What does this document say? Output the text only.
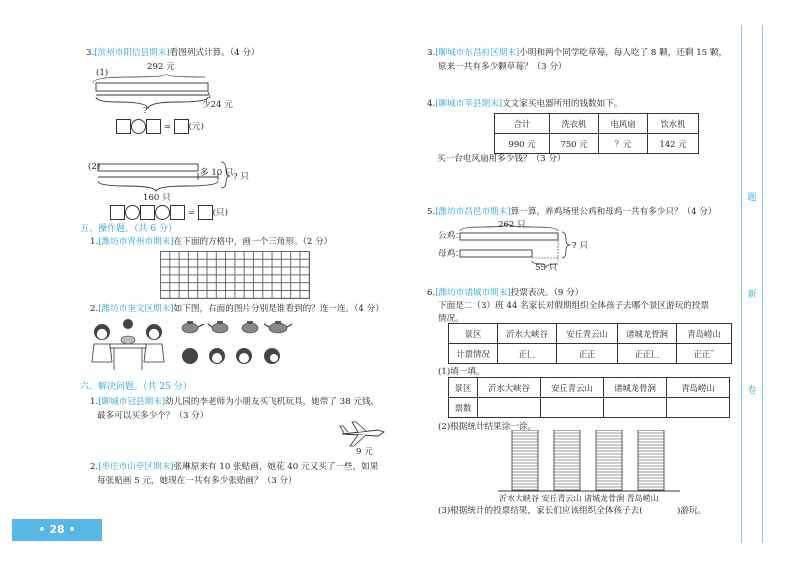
3.[滨州市阳信县期末]看图列式计算。（4 分）
(1)
292 元
少24 元
?
= (元)
(2)
多 10 只 ? 只
160 只
= (只)
五、操作题。（共 6 分）
1.[潍坊市青州市期末]在下面的方格中，画一个三角形。（2 分）
2.[潍坊市奎文区期末]如下图，右面的图片分别是谁看到的？连一连。（4 分）
六、解决问题。（共 25 分）
1.[聊城市冠县期末]幼儿园的李老师为小朋友买飞机玩具，她带了 38 元钱，
最多可以买多少个？（3 分）
9 元
2.[枣庄市山亭区期末]张琳原来有 10 张贴画，她花 40 元又买了一些，如果
每张贴画 5 元，她现在一共有多少张贴画？（3 分）
• 28 •
3.[聊城市东昌府区期末]小明和两个同学吃草莓，每人吃了 8 颗，还剩 15 颗，
原来一共有多少颗草莓？（3 分）
4.[聊城市莘县期末]文文家买电器所用的钱数如下。
合计	洗衣机	电风扇	饮水机
990 元	750 元	？元	142 元
买一台电风扇用多少钱？（3 分）
5.[潍坊市昌邑市期末]算一算，养鸡场里公鸡和母鸡一共有多少只？（4 分）
262 只
公鸡：
母鸡：
? 只
55 只
6.[潍坊市诸城市期末]投票表决。（9 分）
下面是二（3）班 44 名家长对假期组织全体孩子去哪个景区游玩的投票
情况。
景区	沂水大峡谷	安丘青云山	诸城龙骨涧	青岛崂山
计票情况	正𠃊	正正	正正𠃊	正正ˉ
(1)填一填。
景区	沂水大峡谷	安丘青云山	诸城龙骨涧	青岛崂山
票数				
(2)根据统计结果涂一涂。
沂水大峡谷 安丘青云山 诸城龙骨涧 青岛崂山
(3)根据统计的投票结果，家长们应该组织全体孩子去(　　　　)游玩。
题
新
卷
